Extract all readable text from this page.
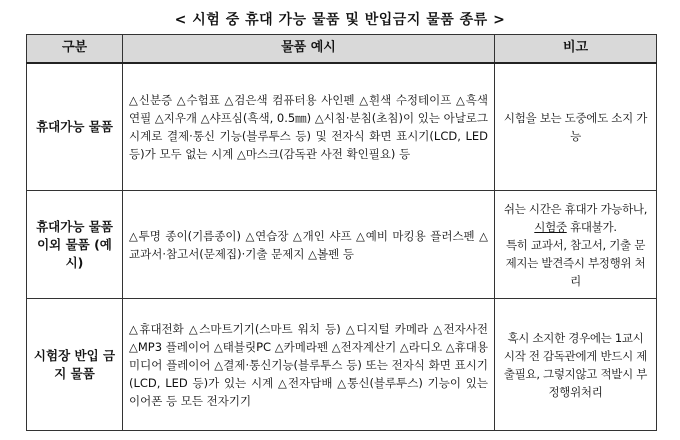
< 시험 중 휴대 가능 물품 및 반입금지 물품 종류 >
구분	물품 예시	비고
휴대가능 물품	△신분증 △수험표 △검은색 컴퓨터용 사인펜 △흰색 수정테이프 △흑색 연필 △지우개 △샤프심(흑색, 0.5㎜) △시침·분침(초침)이 있는 아날로그 시계로 결제·통신 기능(블루투스 등) 및 전자식 화면 표시기(LCD, LED 등)가 모두 없는 시계 △마스크(감독관 사전 확인필요) 등	시험을 보는 도중에도 소지 가능
휴대가능 물품 이외 물품 (예시)	△투명 종이(기름종이) △연습장 △개인 샤프 △예비 마킹용 플러스펜 △ 교과서·참고서(문제집)·기출 문제지 △볼펜 등	쉬는 시간은 휴대가 가능하나,
시험중 휴대불가.
특히 교과서, 참고서, 기출 문제지는 발견즉시 부정행위 처리
시험장 반입 금지 물품	△휴대전화 △스마트기기(스마트 워치 등) △디지털 카메라 △전자사전 △MP3 플레이어 △태블릿PC △카메라펜 △전자계산기 △라디오 △휴대용 미디어 플레이어 △결제·통신기능(블루투스 등) 또는 전자식 화면 표시기(LCD, LED 등)가 있는 시계 △전자담배 △통신(블루투스) 기능이 있는 이어폰 등 모든 전자기기	혹시 소지한 경우에는 1교시 시작 전 감독관에게 반드시 제출필요, 그렇지않고 적발시 부정행위처리
